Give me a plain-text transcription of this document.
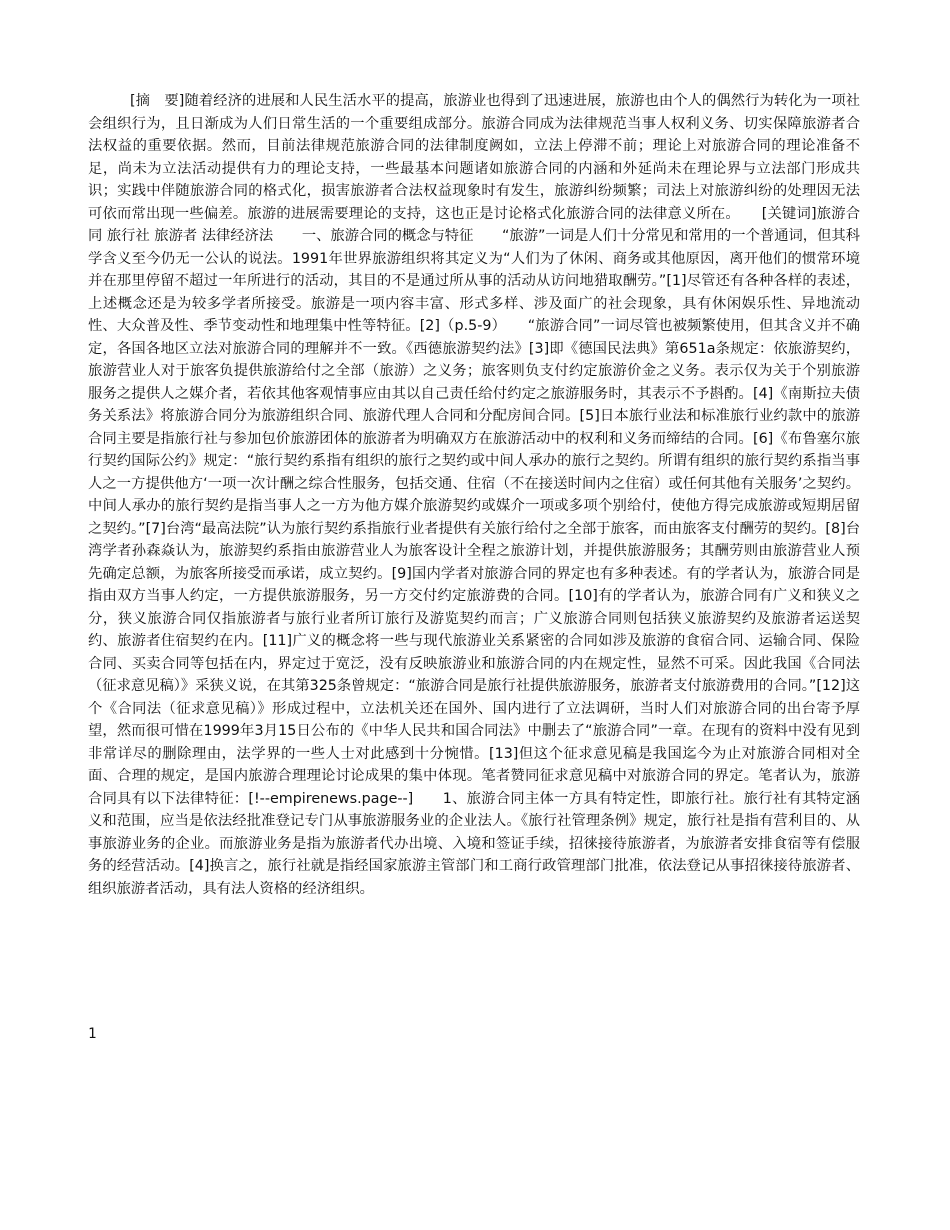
[摘　要]随着经济的进展和人民生活水平的提高，旅游业也得到了迅速进展，旅游也由个人的偶然行为转化为一项社会组织行为，且日渐成为人们日常生活的一个重要组成部分。旅游合同成为法律规范当事人权利义务、切实保障旅游者合法权益的重要依据。然而，目前法律规范旅游合同的法律制度阙如，立法上停滞不前；理论上对旅游合同的理论准备不足，尚未为立法活动提供有力的理论支持，一些最基本问题诸如旅游合同的内涵和外延尚未在理论界与立法部门形成共识；实践中伴随旅游合同的格式化，损害旅游者合法权益现象时有发生，旅游纠纷频繁；司法上对旅游纠纷的处理因无法可依而常出现一些偏差。旅游的进展需要理论的支持，这也正是讨论格式化旅游合同的法律意义所在。　　[关键词]旅游合同 旅行社 旅游者 法律经济法　　一、旅游合同的概念与特征　　“旅游”一词是人们十分常见和常用的一个普通词，但其科学含义至今仍无一公认的说法。1991年世界旅游组织将其定义为“人们为了休闲、商务或其他原因，离开他们的惯常环境并在那里停留不超过一年所进行的活动，其目的不是通过所从事的活动从访问地猎取酬劳。”[1]尽管还有各种各样的表述，上述概念还是为较多学者所接受。旅游是一项内容丰富、形式多样、涉及面广的社会现象，具有休闲娱乐性、异地流动性、大众普及性、季节变动性和地理集中性等特征。[2]（p.5-9）　　“旅游合同”一词尽管也被频繁使用，但其含义并不确定，各国各地区立法对旅游合同的理解并不一致。《西德旅游契约法》[3]即《德国民法典》第651a条规定：依旅游契约，旅游营业人对于旅客负提供旅游给付之全部（旅游）之义务；旅客则负支付约定旅游价金之义务。表示仅为关于个别旅游服务之提供人之媒介者，若依其他客观情事应由其以自己责任给付约定之旅游服务时，其表示不予斟酌。[4]《南斯拉夫债务关系法》将旅游合同分为旅游组织合同、旅游代理人合同和分配房间合同。[5]日本旅行业法和标准旅行业约款中的旅游合同主要是指旅行社与参加包价旅游团体的旅游者为明确双方在旅游活动中的权利和义务而缔结的合同。[6]《布鲁塞尔旅行契约国际公约》规定：“旅行契约系指有组织的旅行之契约或中间人承办的旅行之契约。所谓有组织的旅行契约系指当事人之一方提供他方‘一项一次计酬之综合性服务，包括交通、住宿（不在接送时间内之住宿）或任何其他有关服务’之契约。中间人承办的旅行契约是指当事人之一方为他方媒介旅游契约或媒介一项或多项个别给付，使他方得完成旅游或短期居留之契约。”[7]台湾“最高法院”认为旅行契约系指旅行业者提供有关旅行给付之全部于旅客，而由旅客支付酬劳的契约。[8]台湾学者孙森焱认为，旅游契约系指由旅游营业人为旅客设计全程之旅游计划，并提供旅游服务；其酬劳则由旅游营业人预先确定总额，为旅客所接受而承诺，成立契约。[9]国内学者对旅游合同的界定也有多种表述。有的学者认为，旅游合同是指由双方当事人约定，一方提供旅游服务，另一方交付约定旅游费的合同。[10]有的学者认为，旅游合同有广义和狭义之分，狭义旅游合同仅指旅游者与旅行业者所订旅行及游览契约而言；广义旅游合同则包括狭义旅游契约及旅游者运送契约、旅游者住宿契约在内。[11]广义的概念将一些与现代旅游业关系紧密的合同如涉及旅游的食宿合同、运输合同、保险合同、买卖合同等包括在内，界定过于宽泛，没有反映旅游业和旅游合同的内在规定性，显然不可采。因此我国《合同法（征求意见稿）》采狭义说，在其第325条曾规定：“旅游合同是旅行社提供旅游服务，旅游者支付旅游费用的合同。”[12]这个《合同法（征求意见稿）》形成过程中，立法机关还在国外、国内进行了立法调研，当时人们对旅游合同的出台寄予厚望，然而很可惜在1999年3月15日公布的《中华人民共和国合同法》中删去了“旅游合同”一章。在现有的资料中没有见到非常详尽的删除理由，法学界的一些人士对此感到十分惋惜。[13]但这个征求意见稿是我国迄今为止对旅游合同相对全面、合理的规定，是国内旅游合理理论讨论成果的集中体现。笔者赞同征求意见稿中对旅游合同的界定。笔者认为，旅游合同具有以下法律特征：[!--empirenews.page--]　　1、旅游合同主体一方具有特定性，即旅行社。旅行社有其特定涵义和范围，应当是依法经批准登记专门从事旅游服务业的企业法人。《旅行社管理条例》规定，旅行社是指有营利目的、从事旅游业务的企业。而旅游业务是指为旅游者代办出境、入境和签证手续，招徕接待旅游者，为旅游者安排食宿等有偿服务的经营活动。[4]换言之，旅行社就是指经国家旅游主管部门和工商行政管理部门批准，依法登记从事招徕接待旅游者、组织旅游者活动，具有法人资格的经济组织。

1
